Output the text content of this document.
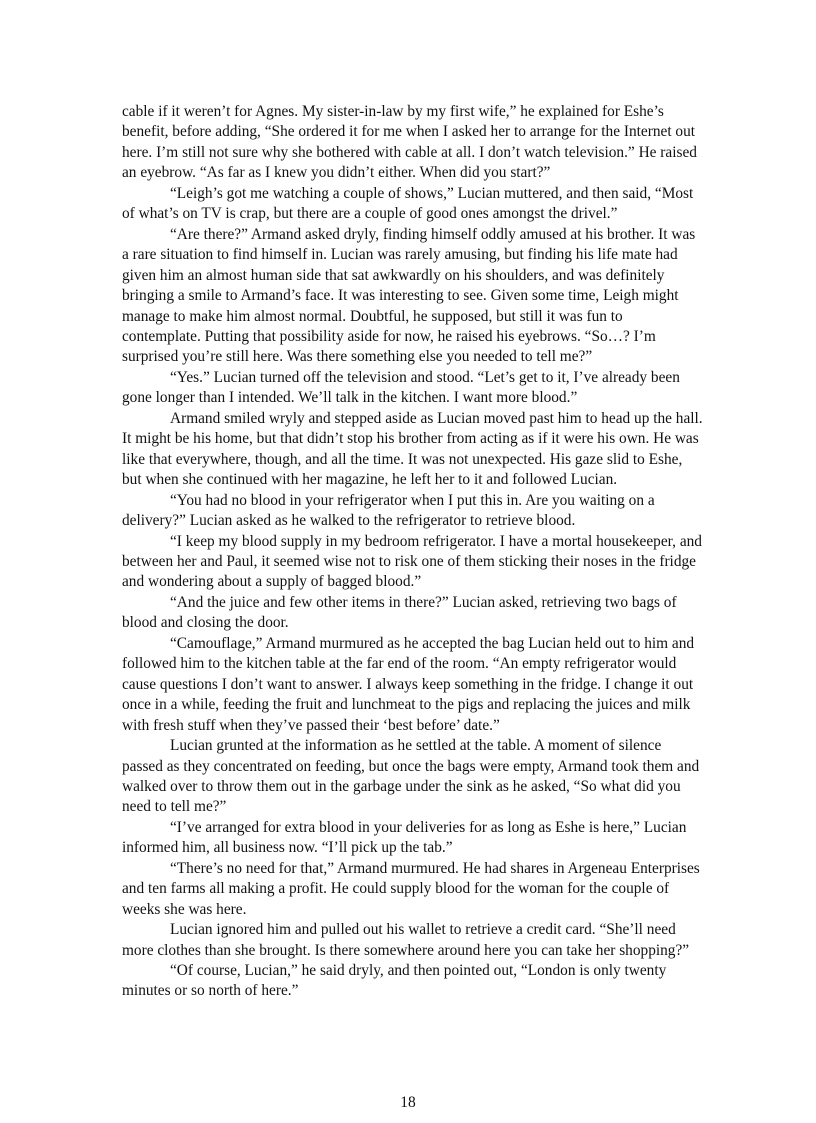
cable if it weren’t for Agnes. My sister-in-law by my first wife,” he explained for Eshe’s benefit, before adding, “She ordered it for me when I asked her to arrange for the Internet out here. I’m still not sure why she bothered with cable at all. I don’t watch television.” He raised an eyebrow. “As far as I knew you didn’t either. When did you start?”

“Leigh’s got me watching a couple of shows,” Lucian muttered, and then said, “Most of what’s on TV is crap, but there are a couple of good ones amongst the drivel.”

“Are there?” Armand asked dryly, finding himself oddly amused at his brother. It was a rare situation to find himself in. Lucian was rarely amusing, but finding his life mate had given him an almost human side that sat awkwardly on his shoulders, and was definitely bringing a smile to Armand’s face. It was interesting to see. Given some time, Leigh might manage to make him almost normal. Doubtful, he supposed, but still it was fun to contemplate. Putting that possibility aside for now, he raised his eyebrows. “So…? I’m surprised you’re still here. Was there something else you needed to tell me?”

“Yes.” Lucian turned off the television and stood. “Let’s get to it, I’ve already been gone longer than I intended. We’ll talk in the kitchen. I want more blood.”

Armand smiled wryly and stepped aside as Lucian moved past him to head up the hall. It might be his home, but that didn’t stop his brother from acting as if it were his own. He was like that everywhere, though, and all the time. It was not unexpected. His gaze slid to Eshe, but when she continued with her magazine, he left her to it and followed Lucian.

“You had no blood in your refrigerator when I put this in. Are you waiting on a delivery?” Lucian asked as he walked to the refrigerator to retrieve blood.

“I keep my blood supply in my bedroom refrigerator. I have a mortal housekeeper, and between her and Paul, it seemed wise not to risk one of them sticking their noses in the fridge and wondering about a supply of bagged blood.”

“And the juice and few other items in there?” Lucian asked, retrieving two bags of blood and closing the door.

“Camouflage,” Armand murmured as he accepted the bag Lucian held out to him and followed him to the kitchen table at the far end of the room. “An empty refrigerator would cause questions I don’t want to answer. I always keep something in the fridge. I change it out once in a while, feeding the fruit and lunchmeat to the pigs and replacing the juices and milk with fresh stuff when they’ve passed their ‘best before’ date.”

Lucian grunted at the information as he settled at the table. A moment of silence passed as they concentrated on feeding, but once the bags were empty, Armand took them and walked over to throw them out in the garbage under the sink as he asked, “So what did you need to tell me?”

“I’ve arranged for extra blood in your deliveries for as long as Eshe is here,” Lucian informed him, all business now. “I’ll pick up the tab.”

“There’s no need for that,” Armand murmured. He had shares in Argeneau Enterprises and ten farms all making a profit. He could supply blood for the woman for the couple of weeks she was here.

Lucian ignored him and pulled out his wallet to retrieve a credit card. “She’ll need more clothes than she brought. Is there somewhere around here you can take her shopping?”

“Of course, Lucian,” he said dryly, and then pointed out, “London is only twenty minutes or so north of here.”

18
